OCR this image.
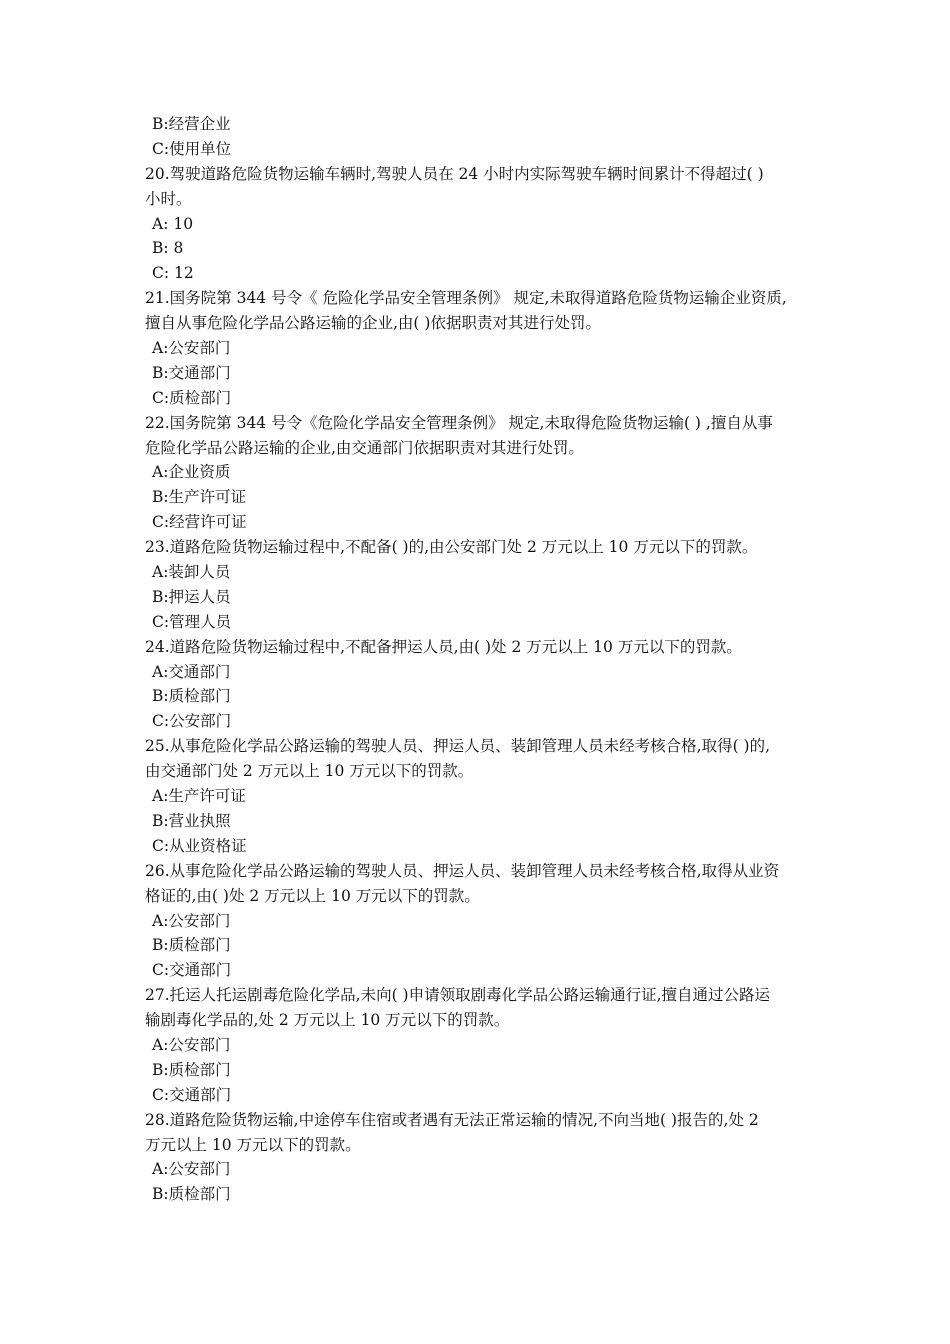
B:经营企业

C:使用单位

20.驾驶道路危险货物运输车辆时,驾驶人员在 24 小时内实际驾驶车辆时间累计不得超过( )

小时。

A: 10

B: 8

C: 12

21.国务院第 344 号令《 危险化学品安全管理条例》 规定,未取得道路危险货物运输企业资质,

擅自从事危险化学品公路运输的企业,由( )依据职责对其进行处罚。

A:公安部门

B:交通部门

C:质检部门

22.国务院第 344 号令《危险化学品安全管理条例》 规定,未取得危险货物运输( ) ,擅自从事

危险化学品公路运输的企业,由交通部门依据职责对其进行处罚。

A:企业资质

B:生产许可证

C:经营许可证

23.道路危险货物运输过程中,不配备( )的,由公安部门处 2 万元以上 10 万元以下的罚款。

A:装卸人员

B:押运人员

C:管理人员

24.道路危险货物运输过程中,不配备押运人员,由( )处 2 万元以上 10 万元以下的罚款。

A:交通部门

B:质检部门

C:公安部门

25.从事危险化学品公路运输的驾驶人员、押运人员、装卸管理人员未经考核合格,取得( )的,

由交通部门处 2 万元以上 10 万元以下的罚款。

A:生产许可证

B:营业执照

C:从业资格证

26.从事危险化学品公路运输的驾驶人员、押运人员、装卸管理人员未经考核合格,取得从业资

格证的,由( )处 2 万元以上 10 万元以下的罚款。

A:公安部门

B:质检部门

C:交通部门

27.托运人托运剧毒危险化学品,未向( )申请领取剧毒化学品公路运输通行证,擅自通过公路运

输剧毒化学品的,处 2 万元以上 10 万元以下的罚款。

A:公安部门

B:质检部门

C:交通部门

28.道路危险货物运输,中途停车住宿或者遇有无法正常运输的情况,不向当地( )报告的,处 2

万元以上 10 万元以下的罚款。

A:公安部门

B:质检部门
